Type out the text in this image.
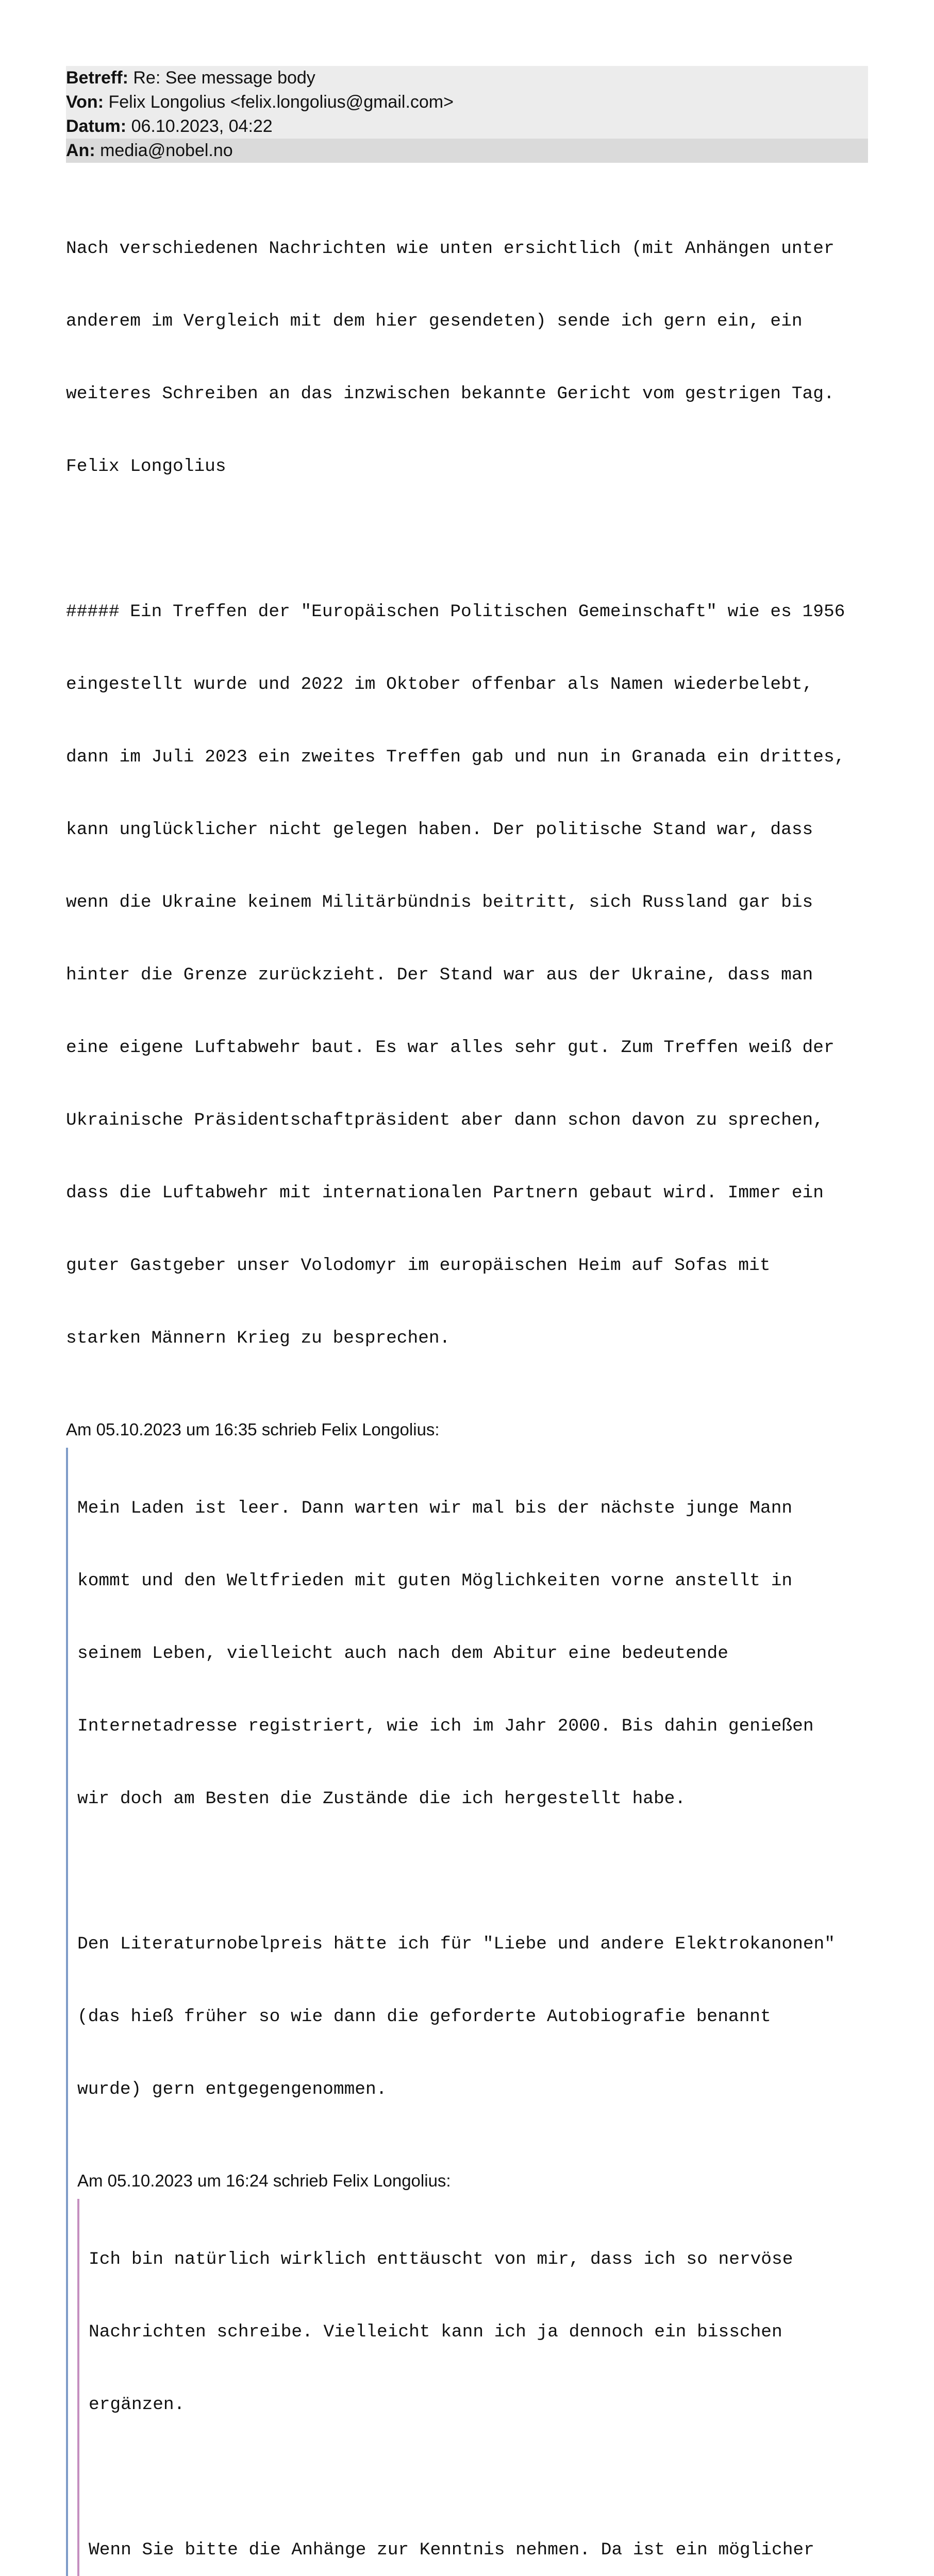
Betreff: Re: See message body
Von: Felix Longolius <felix.longolius@gmail.com>
Datum: 06.10.2023, 04:22
An: media@nobel.no

Nach verschiedenen Nachrichten wie unten ersichtlich (mit Anhängen unter

anderem im Vergleich mit dem hier gesendeten) sende ich gern ein, ein

weiteres Schreiben an das inzwischen bekannte Gericht vom gestrigen Tag.

Felix Longolius

##### Ein Treffen der "Europäischen Politischen Gemeinschaft" wie es 1956

eingestellt wurde und 2022 im Oktober offenbar als Namen wiederbelebt,

dann im Juli 2023 ein zweites Treffen gab und nun in Granada ein drittes,

kann unglücklicher nicht gelegen haben. Der politische Stand war, dass

wenn die Ukraine keinem Militärbündnis beitritt, sich Russland gar bis

hinter die Grenze zurückzieht. Der Stand war aus der Ukraine, dass man

eine eigene Luftabwehr baut. Es war alles sehr gut. Zum Treffen weiß der

Ukrainische Präsidentschaftpräsident aber dann schon davon zu sprechen,

dass die Luftabwehr mit internationalen Partnern gebaut wird. Immer ein

guter Gastgeber unser Volodomyr im europäischen Heim auf Sofas mit

starken Männern Krieg zu besprechen.

Am 05.10.2023 um 16:35 schrieb Felix Longolius:

Mein Laden ist leer. Dann warten wir mal bis der nächste junge Mann

kommt und den Weltfrieden mit guten Möglichkeiten vorne anstellt in

seinem Leben, vielleicht auch nach dem Abitur eine bedeutende

Internetadresse registriert, wie ich im Jahr 2000. Bis dahin genießen

wir doch am Besten die Zustände die ich hergestellt habe.

Den Literaturnobelpreis hätte ich für "Liebe und andere Elektrokanonen"

(das hieß früher so wie dann die geforderte Autobiografie benannt

wurde) gern entgegengenommen.

Am 05.10.2023 um 16:24 schrieb Felix Longolius:

Ich bin natürlich wirklich enttäuscht von mir, dass ich so nervöse

Nachrichten schreibe. Vielleicht kann ich ja dennoch ein bisschen

ergänzen.

Wenn Sie bitte die Anhänge zur Kenntnis nehmen. Da ist ein möglicher
